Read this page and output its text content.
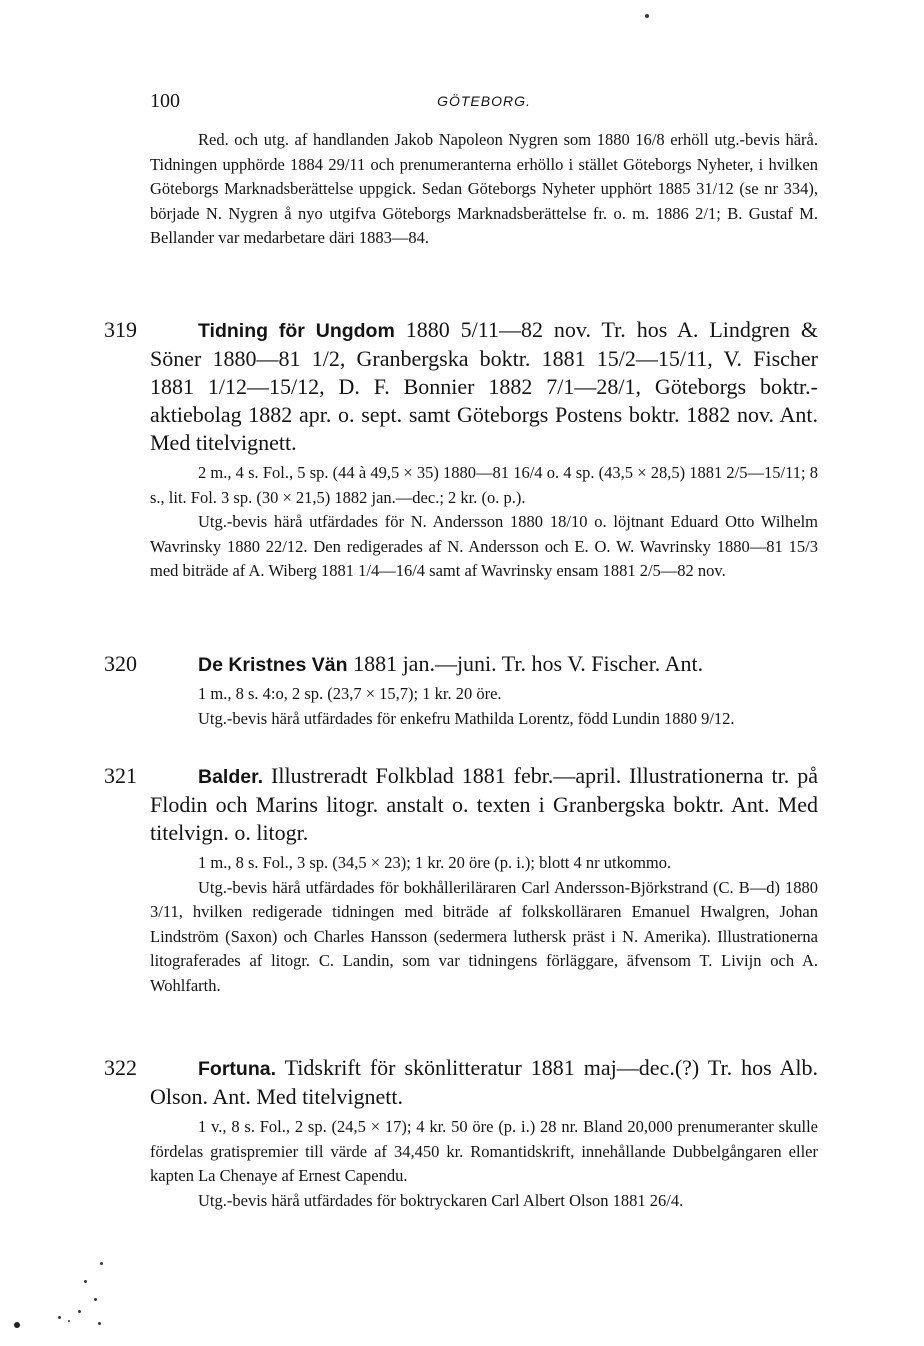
100	GÖTEBORG.

Red. och utg. af handlanden Jakob Napoleon Nygren som 1880 16/8 erhöll utg.-bevis härå. Tidningen upphörde 1884 29/11 och prenumeranterna erhöllo i stället Göteborgs Nyheter, i hvilken Göteborgs Marknadsberättelse uppgick. Sedan Göteborgs Nyheter upphört 1885 31/12 (se nr 334), började N. Nygren å nyo utgifva Göteborgs Marknadsberättelse fr. o. m. 1886 2/1; B. Gustaf M. Bellander var medarbetare däri 1883—84.

319	Tidning för Ungdom 1880 5/11—82 nov. Tr. hos A. Lindgren & Söner 1880—81 1/2, Granbergska boktr. 1881 15/2—15/11, V. Fischer 1881 1/12—15/12, D. F. Bonnier 1882 7/1—28/1, Göteborgs boktr.-aktiebolag 1882 apr. o. sept. samt Göteborgs Postens boktr. 1882 nov. Ant. Med titelvignett.

2 m., 4 s. Fol., 5 sp. (44 à 49,5 × 35) 1880—81 16/4 o. 4 sp. (43,5 × 28,5) 1881 2/5—15/11; 8 s., lit. Fol. 3 sp. (30 × 21,5) 1882 jan.—dec.; 2 kr. (o. p.).

Utg.-bevis härå utfärdades för N. Andersson 1880 18/10 o. löjtnant Eduard Otto Wilhelm Wavrinsky 1880 22/12. Den redigerades af N. Andersson och E. O. W. Wavrinsky 1880—81 15/3 med biträde af A. Wiberg 1881 1/4—16/4 samt af Wavrinsky ensam 1881 2/5—82 nov.

320	De Kristnes Vän 1881 jan.—juni. Tr. hos V. Fischer. Ant.

1 m., 8 s. 4:o, 2 sp. (23,7 × 15,7); 1 kr. 20 öre.

Utg.-bevis härå utfärdades för enkefru Mathilda Lorentz, född Lundin 1880 9/12.

321	Balder. Illustreradt Folkblad 1881 febr.—april. Illustrationerna tr. på Flodin och Marins litogr. anstalt o. texten i Granbergska boktr. Ant. Med titelvign. o. litogr.

1 m., 8 s. Fol., 3 sp. (34,5 × 23); 1 kr. 20 öre (p. i.); blott 4 nr utkommo.

Utg.-bevis härå utfärdades för bokhålleriläraren Carl Andersson-Björkstrand (C. B—d) 1880 3/11, hvilken redigerade tidningen med biträde af folkskolläraren Emanuel Hwalgren, Johan Lindström (Saxon) och Charles Hansson (sedermera luthersk präst i N. Amerika). Illustrationerna litograferades af litogr. C. Landin, som var tidningens förläggare, äfvensom T. Livijn och A. Wohlfarth.

322	Fortuna. Tidskrift för skönlitteratur 1881 maj—dec.(?) Tr. hos Alb. Olson. Ant. Med titelvignett.

1 v., 8 s. Fol., 2 sp. (24,5 × 17); 4 kr. 50 öre (p. i.) 28 nr. Bland 20,000 prenumeranter skulle fördelas gratispremier till värde af 34,450 kr. Romantidskrift, innehållande Dubbelgångaren eller kapten La Chenaye af Ernest Capendu.

Utg.-bevis härå utfärdades för boktryckaren Carl Albert Olson 1881 26/4.
